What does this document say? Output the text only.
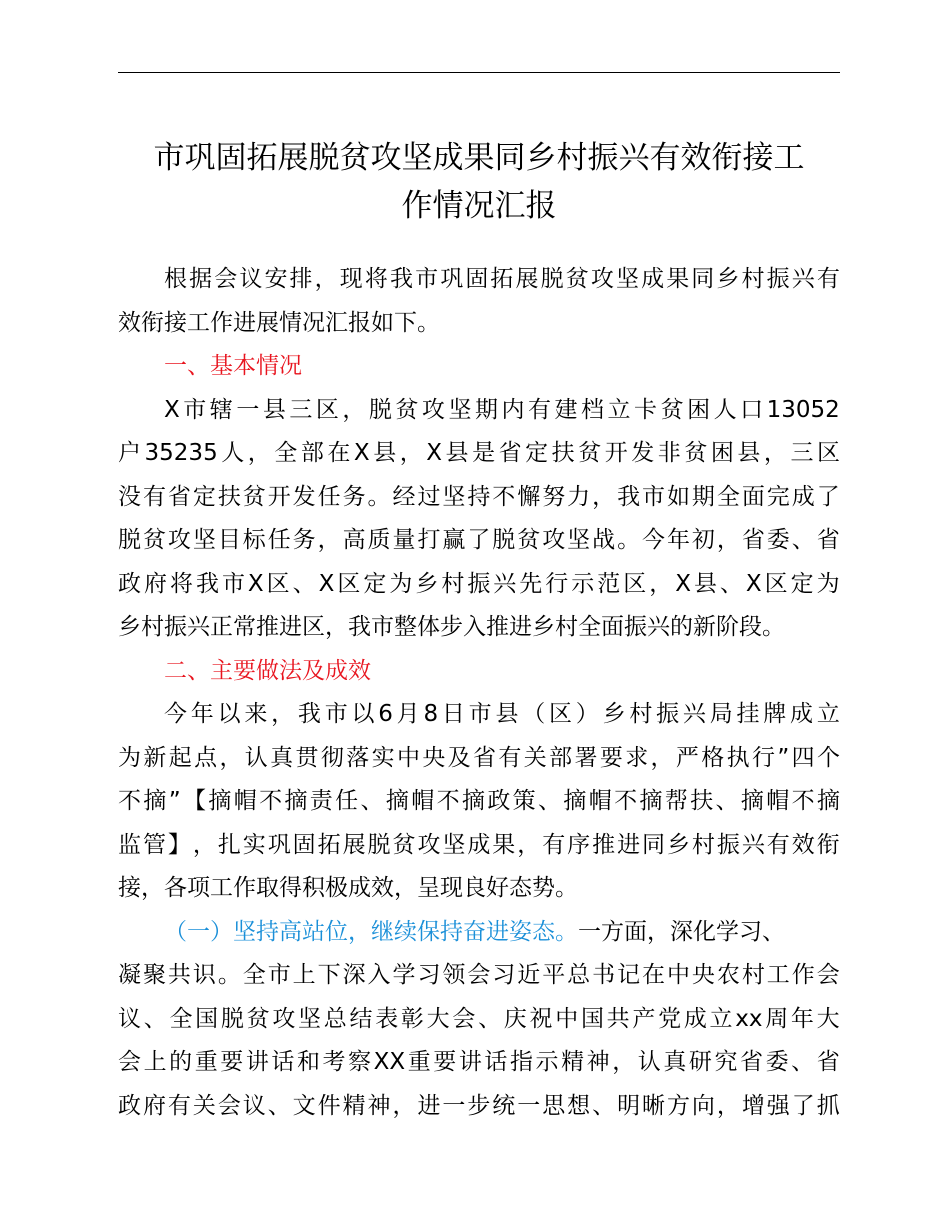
市巩固拓展脱贫攻坚成果同乡村振兴有效衔接工
作情况汇报
根 据 会 议 安 排 ， 现 将 我 市 巩 固 拓 展 脱 贫 攻 坚 成 果 同 乡 村 振 兴 有
效衔接工作进展情况汇报如下。
一、基本情况
X 市 辖 一 县 三 区 ， 脱 贫 攻 坚 期 内 有 建 档 立 卡 贫 困 人 口 13052
户 35235 人 ， 全 部 在 X 县 ， X 县 是 省 定 扶 贫 开 发 非 贫 困 县 ， 三 区
没 有 省 定 扶 贫 开 发 任 务 。 经 过 坚 持 不 懈 努 力 ， 我 市 如 期 全 面 完 成 了
脱 贫 攻 坚 目 标 任 务 ， 高 质 量 打 赢 了 脱 贫 攻 坚 战 。 今 年 初 ， 省 委 、 省
政 府 将 我 市 X 区 、 X 区 定 为 乡 村 振 兴 先 行 示 范 区 ， X 县 、 X 区 定 为
乡村振兴正常推进区，我市整体步入推进乡村全面振兴的新阶段。
二、主要做法及成效
今 年 以 来 ， 我 市 以 6 月 8 日 市 县 （ 区 ） 乡 村 振 兴 局 挂 牌 成 立
为 新 起 点 ， 认 真 贯 彻 落 实 中 央 及 省 有 关 部 署 要 求 ， 严 格 执 行 ” 四 个
不 摘 ” 【 摘 帽 不 摘 责 任 、 摘 帽 不 摘 政 策 、 摘 帽 不 摘 帮 扶 、 摘 帽 不 摘
监 管 】 ， 扎 实 巩 固 拓 展 脱 贫 攻 坚 成 果 ， 有 序 推 进 同 乡 村 振 兴 有 效 衔
接，各项工作取得积极成效，呈现良好态势。
（一）坚持高站位，继续保持奋进姿态。一方面，深化学习、
凝 聚 共 识 。 全 市 上 下 深 入 学 习 领 会 习 近 平 总 书 记 在 中 央 农 村 工 作 会
议 、 全 国 脱 贫 攻 坚 总 结 表 彰 大 会 、 庆 祝 中 国 共 产 党 成 立 xx 周 年 大
会 上 的 重 要 讲 话 和 考 察 XX 重 要 讲 话 指 示 精 神 ， 认 真 研 究 省 委 、 省
政 府 有 关 会 议 、 文 件 精 神 ， 进 一 步 统 一 思 想 、 明 晰 方 向 ， 增 强 了 抓
